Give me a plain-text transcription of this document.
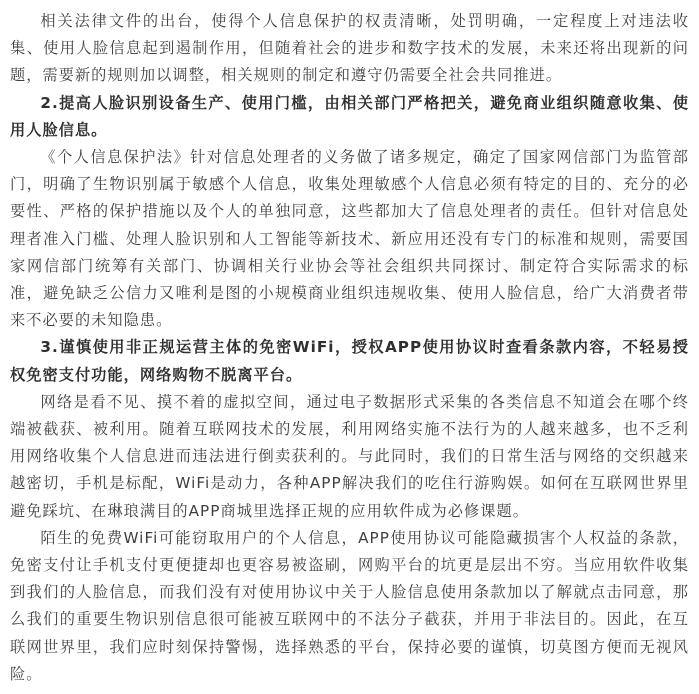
相关法律文件的出台，使得个人信息保护的权责清晰，处罚明确，一定程度上对违法收集、使用人脸信息起到遏制作用，但随着社会的进步和数字技术的发展，未来还将出现新的问题，需要新的规则加以调整，相关规则的制定和遵守仍需要全社会共同推进。

2.提高人脸识别设备生产、使用门槛，由相关部门严格把关，避免商业组织随意收集、使用人脸信息。

《个人信息保护法》针对信息处理者的义务做了诸多规定，确定了国家网信部门为监管部门，明确了生物识别属于敏感个人信息，收集处理敏感个人信息必须有特定的目的、充分的必要性、严格的保护措施以及个人的单独同意，这些都加大了信息处理者的责任。但针对信息处理者准入门槛、处理人脸识别和人工智能等新技术、新应用还没有专门的标准和规则，需要国家网信部门统筹有关部门、协调相关行业协会等社会组织共同探讨、制定符合实际需求的标准，避免缺乏公信力又唯利是图的小规模商业组织违规收集、使用人脸信息，给广大消费者带来不必要的未知隐患。

3.谨慎使用非正规运营主体的免密WiFi，授权APP使用协议时查看条款内容，不轻易授权免密支付功能，网络购物不脱离平台。

网络是看不见、摸不着的虚拟空间，通过电子数据形式采集的各类信息不知道会在哪个终端被截获、被利用。随着互联网技术的发展，利用网络实施不法行为的人越来越多，也不乏利用网络收集个人信息进而违法进行倒卖获利的。与此同时，我们的日常生活与网络的交织越来越密切，手机是标配，WiFi是动力，各种APP解决我们的吃住行游购娱。如何在互联网世界里避免踩坑、在琳琅满目的APP商城里选择正规的应用软件成为必修课题。

陌生的免费WiFi可能窃取用户的个人信息，APP使用协议可能隐藏损害个人权益的条款，免密支付让手机支付更便捷却也更容易被盗刷，网购平台的坑更是层出不穷。当应用软件收集到我们的人脸信息，而我们没有对使用协议中关于人脸信息使用条款加以了解就点击同意，那么我们的重要生物识别信息很可能被互联网中的不法分子截获，并用于非法目的。因此，在互联网世界里，我们应时刻保持警惕，选择熟悉的平台，保持必要的谨慎，切莫图方便而无视风险。
